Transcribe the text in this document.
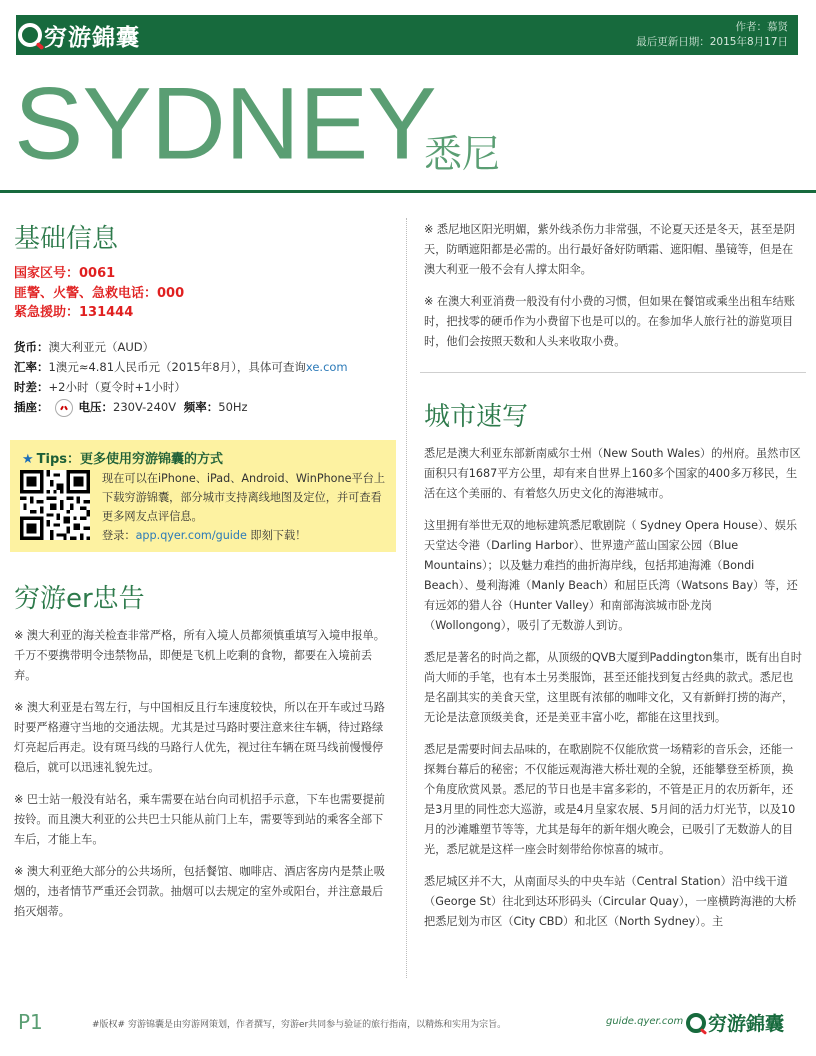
穷游錦囊	作者：慕贤
最后更新日期：2015年8月17日
SYDNEY
悉尼
基础信息
国家区号：0061
匪警、火警、急救电话：000
紧急援助：131444
货币：澳大利亚元（AUD）
汇率：1澳元≈4.81人民币元（2015年8月），具体可查询xe.com
时差：+2小时（夏令时+1小时）
插座：	电压：230V-240V 频率：50Hz
★ Tips：更多使用穷游锦囊的方式
现在可以在iPhone、iPad、Android、WinPhone平台上下载穷游锦囊，部分城市支持离线地图及定位，并可查看更多网友点评信息。
登录：app.qyer.com/guide 即刻下载！
穷游er忠告

※ 澳大利亚的海关检查非常严格，所有入境人员都须慎重填写入境申报单。千万不要携带明令违禁物品，即便是飞机上吃剩的食物，都要在入境前丢弃。

※ 澳大利亚是右驾左行，与中国相反且行车速度较快，所以在开车或过马路时要严格遵守当地的交通法规。尤其是过马路时要注意来往车辆，待过路绿灯亮起后再走。设有斑马线的马路行人优先，视过往车辆在斑马线前慢慢停稳后，就可以迅速礼貌先过。

※ 巴士站一般没有站名，乘车需要在站台向司机招手示意，下车也需要提前按铃。而且澳大利亚的公共巴士只能从前门上车，需要等到站的乘客全部下车后，才能上车。

※ 澳大利亚绝大部分的公共场所，包括餐馆、咖啡店、酒店客房内是禁止吸烟的，违者情节严重还会罚款。抽烟可以去规定的室外或阳台，并注意最后掐灭烟蒂。

※ 悉尼地区阳光明媚，紫外线杀伤力非常强，不论夏天还是冬天，甚至是阴天，防晒遮阳都是必需的。出行最好备好防晒霜、遮阳帽、墨镜等，但是在澳大利亚一般不会有人撑太阳伞。

※ 在澳大利亚消费一般没有付小费的习惯，但如果在餐馆或乘坐出租车结账时，把找零的硬币作为小费留下也是可以的。在参加华人旅行社的游览项目时，他们会按照天数和人头来收取小费。

城市速写

悉尼是澳大利亚东部新南威尔士州（New South Wales）的州府。虽然市区面积只有1687平方公里，却有来自世界上160多个国家的400多万移民，生活在这个美丽的、有着悠久历史文化的海港城市。

这里拥有举世无双的地标建筑悉尼歌剧院（ Sydney Opera House）、娱乐天堂达令港（Darling Harbor）、世界遗产蓝山国家公园（Blue Mountains）；以及魅力难挡的曲折海岸线，包括邦迪海滩（Bondi Beach）、曼利海滩（Manly Beach）和屈臣氏湾（Watsons Bay）等，还有远郊的猎人谷（Hunter Valley）和南部海滨城市卧龙岗（Wollongong），吸引了无数游人到访。

悉尼是著名的时尚之都，从顶级的QVB大厦到Paddington集市，既有出自时尚大师的手笔，也有本土另类服饰，甚至还能找到复古经典的款式。悉尼也是名副其实的美食天堂，这里既有浓郁的咖啡文化，又有新鲜打捞的海产，无论是法意顶级美食，还是美亚丰富小吃，都能在这里找到。

悉尼是需要时间去品味的，在歌剧院不仅能欣赏一场精彩的音乐会，还能一探舞台幕后的秘密；不仅能远观海港大桥壮观的全貌，还能攀登至桥顶，换个角度欣赏风景。悉尼的节日也是丰富多彩的，不管是正月的农历新年，还是3月里的同性恋大巡游，或是4月皇家农展、5月间的活力灯光节，以及10月的沙滩雕塑节等等，尤其是每年的新年烟火晚会，已吸引了无数游人的目光，悉尼就是这样一座会时刻带给你惊喜的城市。

悉尼城区并不大，从南面尽头的中央车站（Central Station）沿中线干道（George St）往北到达环形码头（Circular Quay），一座横跨海港的大桥把悉尼划为市区（City CBD）和北区（North Sydney）。主

P1	#版权# 穷游锦囊是由穷游网策划，作者撰写，穷游er共同参与验证的旅行指南，以精炼和实用为宗旨。	guide.qyer.com 穷游錦囊
